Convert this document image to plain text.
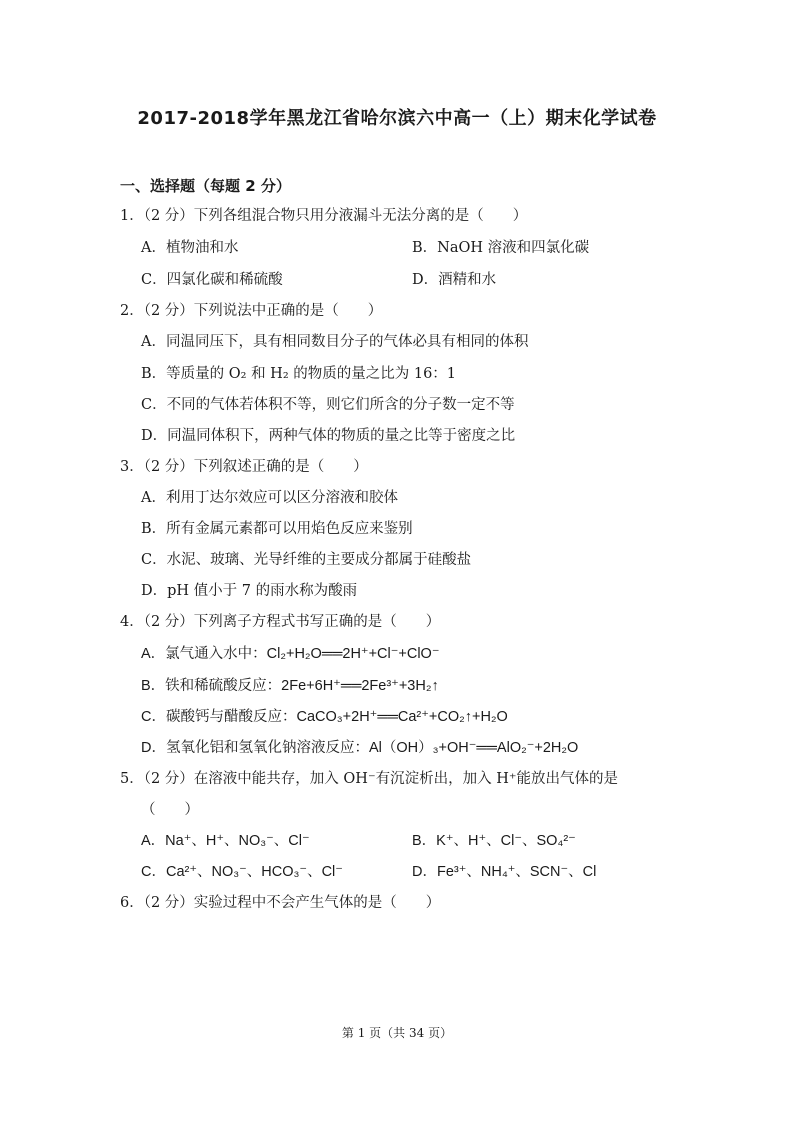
2017-2018学年黑龙江省哈尔滨六中高一（上）期末化学试卷
一、选择题（每题 2 分）
1．（2 分）下列各组混合物只用分液漏斗无法分离的是（　　）
A．植物油和水	B．NaOH 溶液和四氯化碳
C．四氯化碳和稀硫酸	D．酒精和水
2．（2 分）下列说法中正确的是（　　）
A．同温同压下，具有相同数目分子的气体必具有相同的体积
B．等质量的 O₂ 和 H₂ 的物质的量之比为 16：1
C．不同的气体若体积不等，则它们所含的分子数一定不等
D．同温同体积下，两种气体的物质的量之比等于密度之比
3．（2 分）下列叙述正确的是（　　）
A．利用丁达尔效应可以区分溶液和胶体
B．所有金属元素都可以用焰色反应来鉴别
C．水泥、玻璃、光导纤维的主要成分都属于硅酸盐
D．pH 值小于 7 的雨水称为酸雨
4．（2 分）下列离子方程式书写正确的是（　　）
A．氯气通入水中：Cl₂+H₂O══2H⁺+Cl⁻+ClO⁻
B．铁和稀硫酸反应：2Fe+6H⁺══2Fe³⁺+3H₂↑
C．碳酸钙与醋酸反应：CaCO₃+2H⁺══Ca²⁺+CO₂↑+H₂O
D．氢氧化铝和氢氧化钠溶液反应：Al（OH）₃+OH⁻══AlO₂⁻+2H₂O
5．（2 分）在溶液中能共存，加入 OH⁻有沉淀析出，加入 H⁺能放出气体的是
（　　）
A．Na⁺、H⁺、NO₃⁻、Cl⁻	B．K⁺、H⁺、Cl⁻、SO₄²⁻
C．Ca²⁺、NO₃⁻、HCO₃⁻、Cl⁻	D．Fe³⁺、NH₄⁺、SCN⁻、Cl
6．（2 分）实验过程中不会产生气体的是（　　）
第 1 页（共 34 页）
